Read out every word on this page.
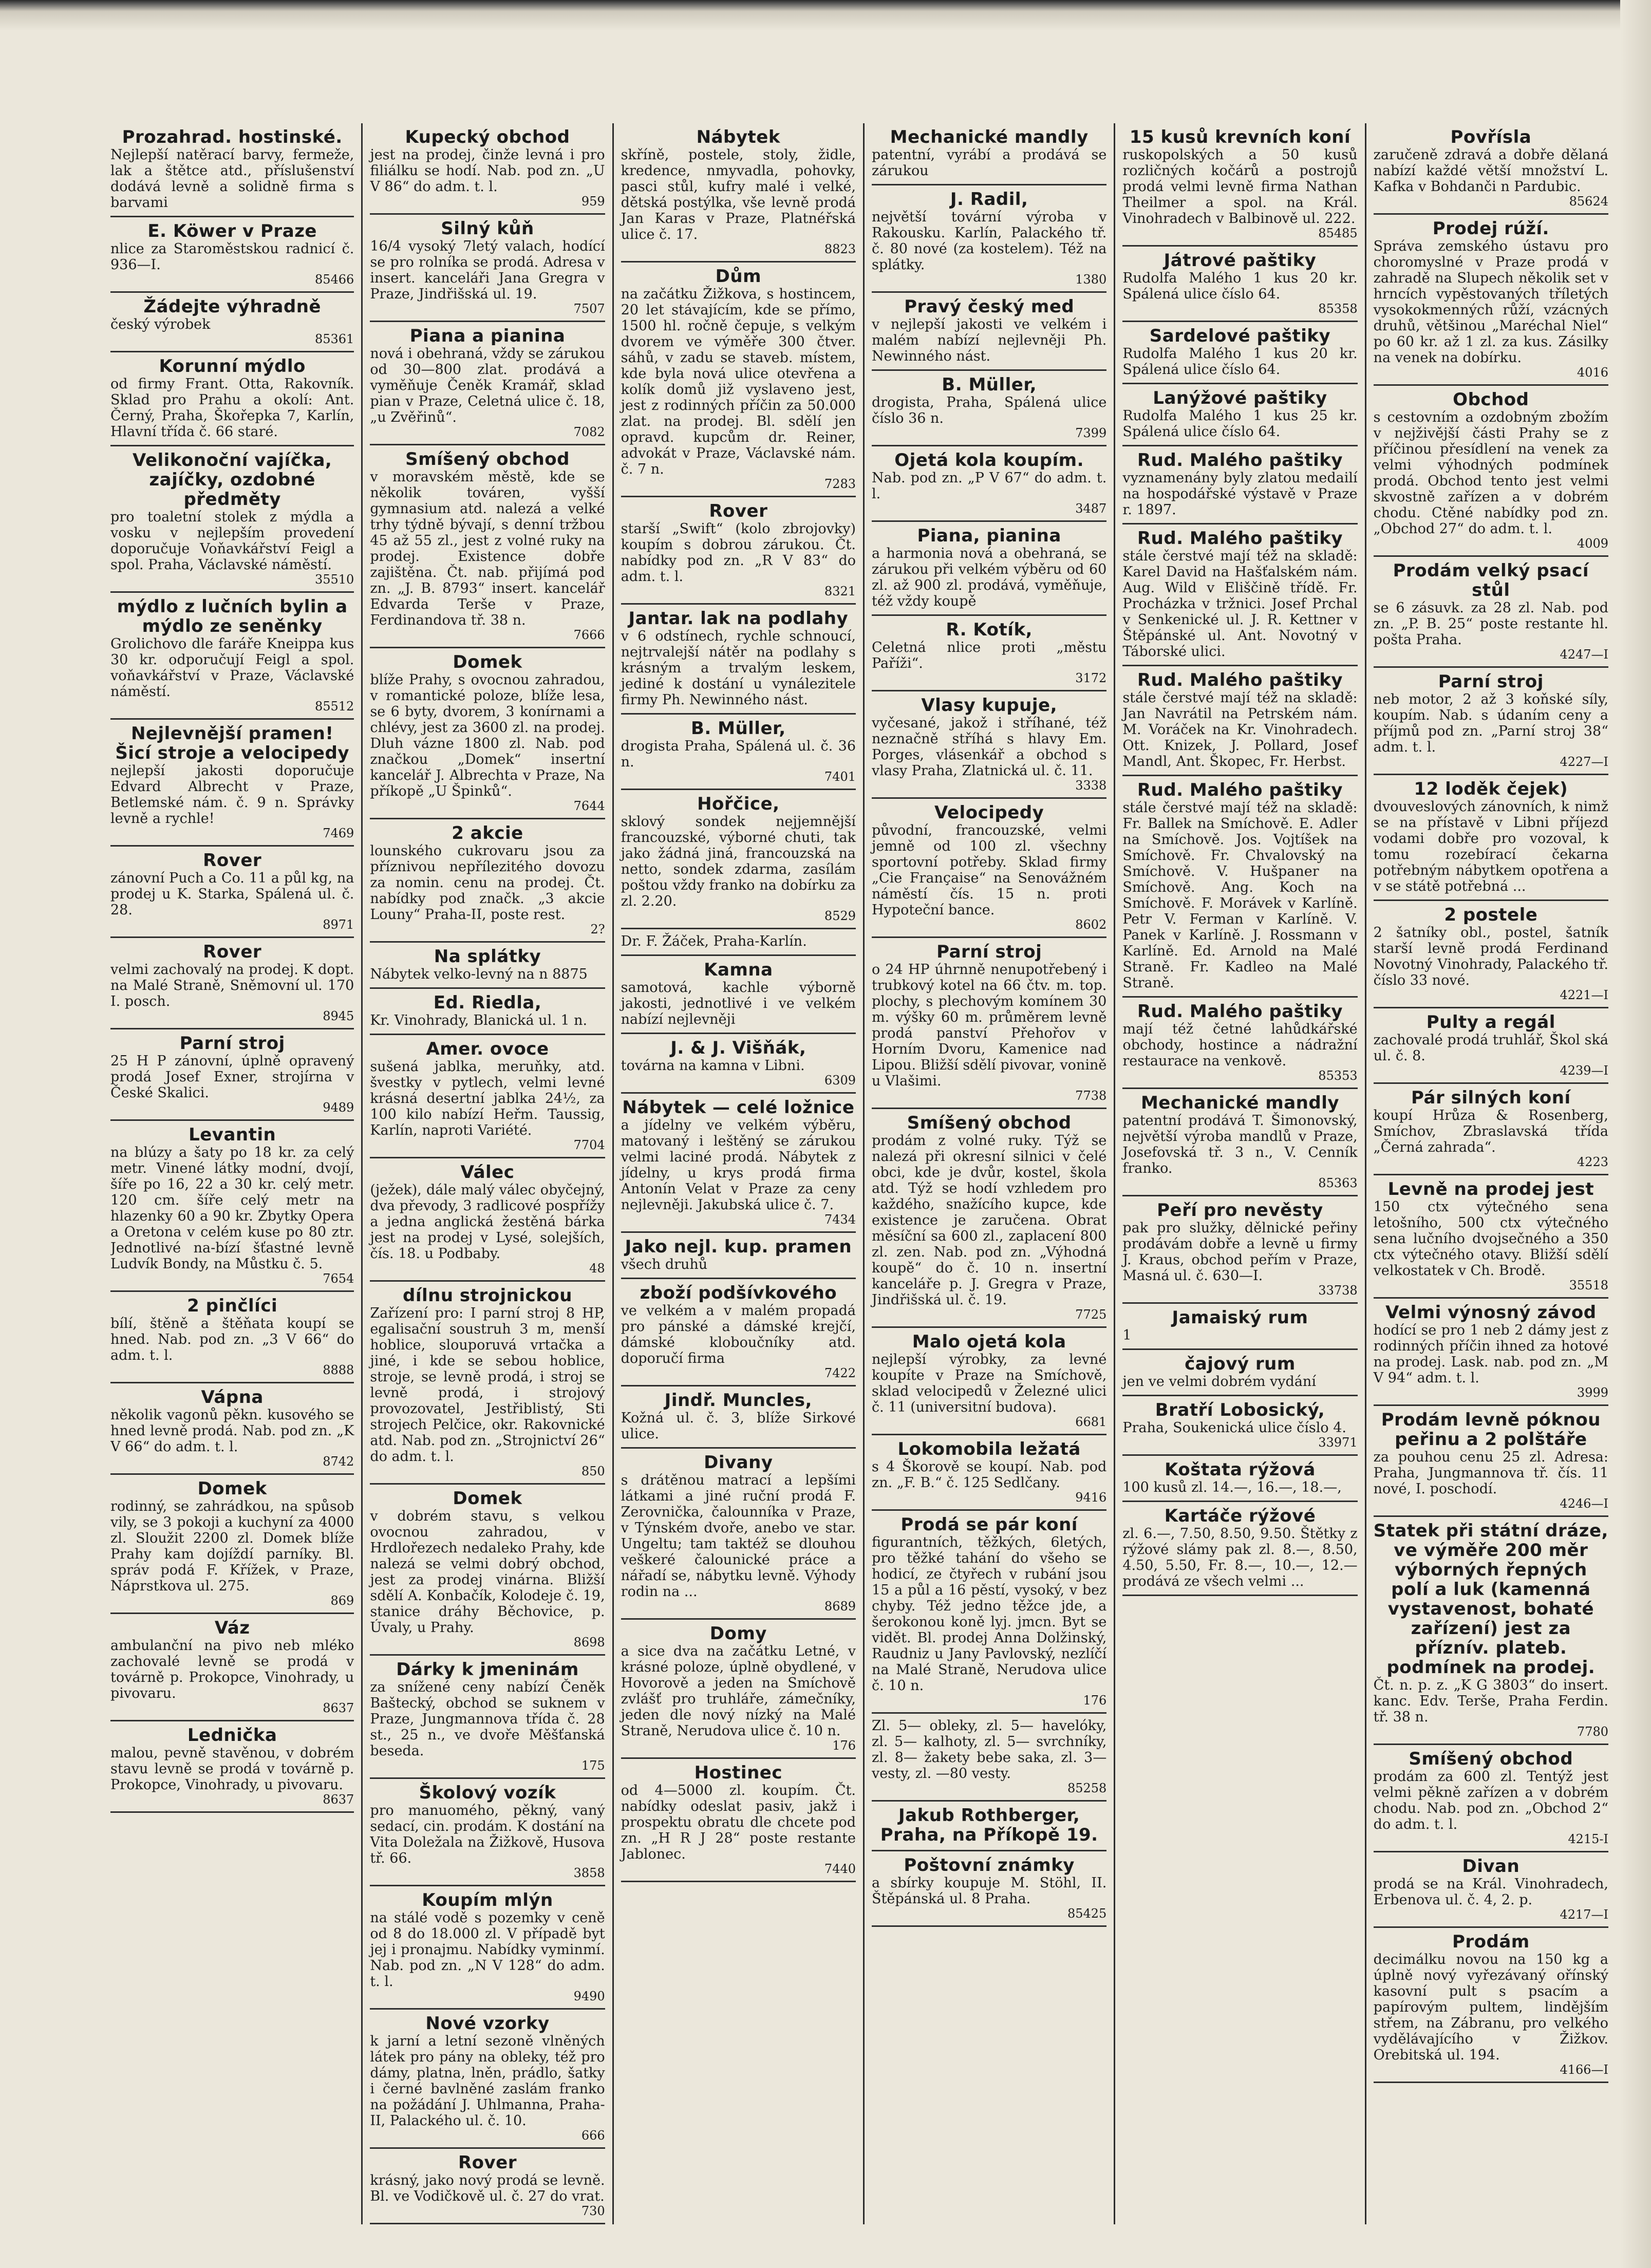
Prozahrad. hostinské.
Nejlepší natěrací barvy, fermeže, lak a štětce atd., příslušenství dodává levně a solidně firma s barvami
E. Köwer v Praze
nlice za Staroměstskou radnicí č. 936—I.
85466
Žádejte výhradně
český výrobek
85361
Korunní mýdlo
od firmy Frant. Otta, Rakovník. Sklad pro Prahu a okolí: Ant. Černý, Praha, Škořepka 7, Karlín, Hlavní třída č. 66 staré.
Velikonoční vajíčka, zajíčky, ozdobné předměty
pro toaletní stolek z mýdla a vosku v nejlepším provedení doporučuje Voňavkářství Feigl a spol. Praha, Václavské náměstí.
35510
mýdlo z lučních bylin a mýdlo ze seněnky
Grolichovo dle faráře Kneippa kus 30 kr. odporučují Feigl a spol. voňavkářství v Praze, Václavské náměstí.
85512
Nejlevnější pramen! Šicí stroje a velocipedy
nejlepší jakosti doporučuje Edvard Albrecht v Praze, Betlemské nám. č. 9 n. Správky levně a rychle!
7469
Rover
zánovní Puch a Co. 11 a půl kg, na prodej u K. Starka, Spálená ul. č. 28.
8971
Rover
velmi zachovalý na prodej. K dopt. na Malé Straně, Sněmovní ul. 170 I. posch.
8945
Parní stroj
25 H P zánovní, úplně opravený prodá Josef Exner, strojírna v České Skalici.
9489
Levantin
na blúzy a šaty po 18 kr. za celý metr. Vinené látky modní, dvojí, šíře po 16, 22 a 30 kr. celý metr. 120 cm. šíře celý metr na hlazenky 60 a 90 kr. Zbytky Opera a Oretona v celém kuse po 80 ztr. Jednotlivé na-bízí šťastné levně Ludvík Bondy, na Můstku č. 5.
7654
2 pinčlíci
bílí, štěně a štěňata koupí se hned. Nab. pod zn. „3 V 66“ do adm. t. l.
8888
Vápna
několik vagonů pěkn. kusového se hned levně prodá. Nab. pod zn. „K V 66“ do adm. t. l.
8742
Domek
rodinný, se zahrádkou, na spůsob vily, se 3 pokoji a kuchyní za 4000 zl. Sloužit 2200 zl. Domek blíže Prahy kam dojíždí parníky. Bl. správ podá F. Křížek, v Praze, Náprstkova ul. 275.
869
Váz
ambulanční na pivo neb mléko zachovalé levně se prodá v továrně p. Prokopce, Vinohrady, u pivovaru.
8637
Lednička
malou, pevně stavěnou, v dobrém stavu levně se prodá v továrně p. Prokopce, Vinohrady, u pivovaru.
8637
Kupecký obchod
jest na prodej, činže levná i pro filiálku se hodí. Nab. pod zn. „U V 86“ do adm. t. l.
959
Silný kůň
16/4 vysoký 7letý valach, hodící se pro rolníka se prodá. Adresa v insert. kanceláři Jana Gregra v Praze, Jindřišská ul. 19.
7507
Piana a pianina
nová i obehraná, vždy se zárukou od 30—800 zlat. prodává a vyměňuje Čeněk Kramář, sklad pian v Praze, Celetná ulice č. 18, „u Zvěřinů“.
7082
Smíšený obchod
v moravském městě, kde se několik továren, vyšší gymnasium atd. nalezá a velké trhy týdně bývají, s denní tržbou 45 až 55 zl., jest z volné ruky na prodej. Existence dobře zajištěna. Čt. nab. přijímá pod zn. „J. B. 8793“ insert. kancelář Edvarda Terše v Praze, Ferdinandova tř. 38 n.
7666
Domek
blíže Prahy, s ovocnou zahradou, v romantické poloze, blíže lesa, se 6 byty, dvorem, 3 konírnami a chlévy, jest za 3600 zl. na prodej. Dluh vázne 1800 zl. Nab. pod značkou „Domek“ insertní kancelář J. Albrechta v Praze, Na příkopě „U Špinků“.
7644
2 akcie
lounského cukrovaru jsou za příznivou nepřílezitého dovozu za nomin. cenu na prodej. Čt. nabídky pod značk. „3 akcie Louny“ Praha-II, poste rest.
2?
Na splátky
Nábytek velko-levný na n 8875
Ed. Riedla,
Kr. Vinohrady, Blanická ul. 1 n.
Amer. ovoce
sušená jablka, meruňky, atd. švestky v pytlech, velmi levné krásná desertní jablka 24½, za 100 kilo nabízí Heřm. Taussig, Karlín, naproti Variété.
7704
Válec
(ježek), dále malý válec obyčejný, dva převody, 3 radlicové pospřížy a jedna anglická žestěná bárka jest na prodej v Lysé, solejších, čís. 18. u Podbaby.
48
dílnu strojnickou
Zařízení pro: I parní stroj 8 HP, egalisační soustruh 3 m, menší hoblice, slouporuvá vrtačka a jiné, i kde se sebou hoblice, stroje, se levně prodá, i stroj se levně prodá, i strojový provozovatel, Jestřiblistý, Sti strojech Pelčice, okr. Rakovnické atd. Nab. pod zn. „Strojnictví 26“ do adm. t. l.
850
Domek
v dobrém stavu, s velkou ovocnou zahradou, v Hrdlořezech nedaleko Prahy, kde nalezá se velmi dobrý obchod, jest za prodej vinárna. Bližší sdělí A. Konbačík, Kolodeje č. 19, stanice dráhy Běchovice, p. Úvaly, u Prahy.
8698
Dárky k jmeninám
za snížené ceny nabízí Čeněk Baštecký, obchod se suknem v Praze, Jungmannova třída č. 28 st., 25 n., ve dvoře Měšťanská beseda.
175
Školový vozík
pro manuomého, pěkný, vaný sedací, cin. prodám. K dostání na Vita Doležala na Žižkově, Husova tř. 66.
3858
Koupím mlýn
na stálé vodě s pozemky v ceně od 8 do 18.000 zl. V případě byt jej i pronajmu. Nabídky vyminmí. Nab. pod zn. „N V 128“ do adm. t. l.
9490
Nové vzorky
k jarní a letní sezoně vlněných látek pro pány na obleky, též pro dámy, platna, lněn, prádlo, šatky i černé bavlněné zaslám franko na požádání J. Uhlmanna, Praha-II, Palackého ul. č. 10.
666
Rover
krásný, jako nový prodá se levně. Bl. ve Vodičkově ul. č. 27 do vrat.
730
Nábytek
skříně, postele, stoly, židle, kredence, nmyvadla, pohovky, pasci stůl, kufry malé i velké, dětská postýlka, vše levně prodá Jan Karas v Praze, Platnéřská ulice č. 17.
8823
Dům
na začátku Žižkova, s hostincem, 20 let stávajícím, kde se přímo, 1500 hl. ročně čepuje, s velkým dvorem ve výměře 300 čtver. sáhů, v zadu se staveb. místem, kde byla nová ulice otevřena a kolík domů již vyslaveno jest, jest z rodinných příčin za 50.000 zlat. na prodej. Bl. sdělí jen opravd. kupcům dr. Reiner, advokát v Praze, Václavské nám. č. 7 n.
7283
Rover
starší „Swift“ (kolo zbrojovky) koupím s dobrou zárukou. Čt. nabídky pod zn. „R V 83“ do adm. t. l.
8321
Jantar. lak na podlahy
v 6 odstínech, rychle schnoucí, nejtrvalejší nátěr na podlahy s krásným a trvalým leskem, jediné k dostání u vynálezitele firmy Ph. Newinného nást.
B. Müller,
drogista Praha, Spálená ul. č. 36 n.
7401
Hořčice,
sklový sondek nejjemnější francouzské, výborné chuti, tak jako žádná jiná, francouzská na netto, sondek zdarma, zasílám poštou vždy franko na dobírku za zl. 2.20.
8529
Dr. F. Žáček, Praha-Karlín.
Kamna
samotová, kachle výborně jakosti, jednotlivé i ve velkém nabízí nejlevněji
J. & J. Višňák,
továrna na kamna v Libni.
6309
Nábytek — celé ložnice
a jídelny ve velkém výběru, matovaný i leštěný se zárukou velmi laciné prodá. Nábytek z jídelny, u krys prodá firma Antonín Velat v Praze za ceny nejlevněji. Jakubská ulice č. 7.
7434
Jako nejl. kup. pramen
všech druhů
zboží podšívkového
ve velkém a v malém propadá pro pánské a dámské krejčí, dámské kloboučníky atd. doporučí firma
7422
Jindř. Muncles,
Kožná ul. č. 3, blíže Sirkové ulice.
Divany
s drátěnou matrací a lepšími látkami a jiné ruční prodá F. Zerovnička, čalounníka v Praze, v Týnském dvoře, anebo ve star. Ungeltu; tam taktéž se dlouhou veškeré čalounické práce a nářadí se, nábytku levně. Výhody rodin na ...
8689
Domy
a sice dva na začátku Letné, v krásné poloze, úplně obydlené, v Hovorově a jeden na Smíchově zvlášť pro truhláře, zámečníky, jeden dle nový nízký na Malé Straně, Nerudova ulice č. 10 n.
176
Hostinec
od 4—5000 zl. koupím. Čt. nabídky odeslat pasiv, jakž i prospektu obratu dle chcete pod zn. „H R J 28“ poste restante Jablonec.
7440
Mechanické mandly
patentní, vyrábí a prodává se zárukou
J. Radil,
největší tovární výroba v Rakousku. Karlín, Palackého tř. č. 80 nové (za kostelem). Též na splátky.
1380
Pravý český med
v nejlepší jakosti ve velkém i malém nabízí nejlevněji Ph. Newinného nást.
B. Müller,
drogista, Praha, Spálená ulice číslo 36 n.
7399
Ojetá kola koupím.
Nab. pod zn. „P V 67“ do adm. t. l.
3487
Piana, pianina
a harmonia nová a obehraná, se zárukou při velkém výběru od 60 zl. až 900 zl. prodává, vyměňuje, též vždy koupě
R. Kotík,
Celetná nlice proti „městu Paříži“.
3172
Vlasy kupuje,
vyčesané, jakož i stříhané, též neznačně stříhá s hlavy Em. Porges, vlásenkář a obchod s vlasy Praha, Zlatnická ul. č. 11.
3338
Velocipedy
původní, francouzské, velmi jemně od 100 zl. všechny sportovní potřeby. Sklad firmy „Cie Française“ na Senovážném náměstí čís. 15 n. proti Hypoteční bance.
8602
Parní stroj
o 24 HP úhrnně nenupotřebený i trubkový kotel na 66 čtv. m. top. plochy, s plechovým komínem 30 m. výšky 60 m. průměrem levně prodá panství Přehořov v Horním Dvoru, Kamenice nad Lipou. Bližší sdělí pivovar, vonině u Vlašimi.
7738
Smíšený obchod
prodám z volné ruky. Týž se nalezá při okresní silnici v čelé obci, kde je dvůr, kostel, škola atd. Týž se hodí vzhledem pro každého, snažícího kupce, kde existence je zaručena. Obrat měsíční sa 600 zl., zaplacení 800 zl. zen. Nab. pod zn. „Výhodná koupě“ do č. 10 n. insertní kanceláře p. J. Gregra v Praze, Jindřišská ul. č. 19.
7725
Malo ojetá kola
nejlepší výrobky, za levné koupíte v Praze na Smíchově, sklad velocipedů v Železné ulici č. 11 (universitní budova).
6681
Lokomobila ležatá
s 4 Škorově se koupí. Nab. pod zn. „F. B.“ č. 125 Sedlčany.
9416
Prodá se pár koní
figurantních, těžkých, 6letých, pro těžké tahání do všeho se hodicí, ze čtyřech v rubání jsou 15 a půl a 16 pěstí, vysoký, v bez chyby. Též jedno těžce jde, a šerokonou koně lyj. jmcn. Byt se vidět. Bl. prodej Anna Dolžinský, Raudniz u Jany Pavlovský, nezlíčí na Malé Straně, Nerudova ulice č. 10 n.
176
Zl. 5— obleky, zl. 5— havelóky, zl. 5— kalhoty, zl. 5— svrchníky, zl. 8— žakety bebe saka, zl. 3— vesty, zl. —80 vesty.
85258
Jakub Rothberger, Praha, na Příkopě 19.
Poštovní známky
a sbírky koupuje M. Stöhl, II. Štěpánská ul. 8 Praha.
85425
15 kusů krevních koní
ruskopolských a 50 kusů rozličných kočárů a postrojů prodá velmi levně firma Nathan Theilmer a spol. na Král. Vinohradech v Balbinově ul. 222.
85485
Játrové paštiky
Rudolfa Malého 1 kus 20 kr. Spálená ulice číslo 64.
85358
Sardelové paštiky
Rudolfa Malého 1 kus 20 kr. Spálená ulice číslo 64.
Lanýžové paštiky
Rudolfa Malého 1 kus 25 kr. Spálená ulice číslo 64.
Rud. Malého paštiky
vyznamenány byly zlatou medailí na hospodářské výstavě v Praze r. 1897.
Rud. Malého paštiky
stále čerstvé mají též na skladě: Karel David na Hašťalském nám. Aug. Wild v Eliščině třídě. Fr. Procházka v tržnici. Josef Prchal v Senkenické ul. J. R. Kettner v Štěpánské ul. Ant. Novotný v Táborské ulici.
Rud. Malého paštiky
stále čerstvé mají též na skladě: Jan Navrátil na Petrském nám. M. Voráček na Kr. Vinohradech. Ott. Knizek, J. Pollard, Josef Mandl, Ant. Škopec, Fr. Herbst.
Rud. Malého paštiky
stále čerstvé mají též na skladě: Fr. Ballek na Smíchově. E. Adler na Smíchově. Jos. Vojtíšek na Smíchově. Fr. Chvalovský na Smíchově. V. Hušpaner na Smíchově. Ang. Koch na Smíchově. F. Morávek v Karlíně. Petr V. Ferman v Karlíně. V. Panek v Karlíně. J. Rossmann v Karlíně. Ed. Arnold na Malé Straně. Fr. Kadleo na Malé Straně.
Rud. Malého paštiky
mají též četné lahůdkářské obchody, hostince a nádražní restaurace na venkově.
85353
Mechanické mandly
patentní prodává T. Šimonovský, největší výroba mandlů v Praze, Josefovská tř. 3 n., V. Cenník franko.
85363
Peří pro nevěsty
pak pro služky, dělnické peřiny prodávám dobře a levně u firmy J. Kraus, obchod peřím v Praze, Masná ul. č. 630—I.
33738
Jamaiský rum
1
čajový rum
jen ve velmi dobrém vydání
Bratří Lobosický,
Praha, Soukenická ulice číslo 4.
33971
Koštata rýžová
100 kusů zl. 14.—, 16.—, 18.—,
Kartáče rýžové
zl. 6.—, 7.50, 8.50, 9.50. Štětky z rýžové slámy pak zl. 8.—, 8.50, 4.50, 5.50, Fr. 8.—, 10.—, 12.— prodává ze všech velmi ...
Povřísla
zaručeně zdravá a dobře dělaná nabízí každé větší množství L. Kafka v Bohdanči n Pardubic.
85624
Prodej rúží.
Správa zemského ústavu pro choromyslné v Praze prodá v zahradě na Slupech několik set v hrncích vypěstovaných tříletých vysokokmenných růží, vzácných druhů, většinou „Maréchal Niel“ po 60 kr. až 1 zl. za kus. Zásilky na venek na dobírku.
4016
Obchod
s cestovním a ozdobným zbožím v nejživější části Prahy se z příčinou přesídlení na venek za velmi výhodných podmínek prodá. Obchod tento jest velmi skvostně zařízen a v dobrém chodu. Ctěné nabídky pod zn. „Obchod 27“ do adm. t. l.
4009
Prodám velký psací stůl
se 6 zásuvk. za 28 zl. Nab. pod zn. „P. B. 25“ poste restante hl. pošta Praha.
4247—I
Parní stroj
neb motor, 2 až 3 koňské síly, koupím. Nab. s údaním ceny a příjmů pod zn. „Parní stroj 38“ adm. t. l.
4227—I
12 loděk čejek)
dvouveslových zánovních, k nimž se na přístavě v Libni příjezd vodami dobře pro vozoval, k tomu rozebírací čekarna potřebným nábytkem opotřena a v se státě potřebná ...
2 postele
2 šatníky obl., postel, šatník starší levně prodá Ferdinand Novotný Vinohrady, Palackého tř. číslo 33 nové.
4221—I
Pulty a regál
zachovalé prodá truhlář, Škol ská ul. č. 8.
4239—I
Pár silných koní
koupí Hrůza & Rosenberg, Smíchov, Zbraslavská třída „Černá zahrada“.
4223
Levně na prodej jest
150 ctx výtečného sena letošního, 500 ctx výtečného sena lučního dvojsečného a 350 ctx výtečného otavy. Bližší sdělí velkostatek v Ch. Brodě.
35518
Velmi výnosný závod
hodící se pro 1 neb 2 dámy jest z rodinných příčin ihned za hotové na prodej. Lask. nab. pod zn. „M V 94“ adm. t. l.
3999
Prodám levně póknou peřinu a 2 polštáře
za pouhou cenu 25 zl. Adresa: Praha, Jungmannova tř. čís. 11 nové, I. poschodí.
4246—I
Statek při státní dráze, ve výměře 200 měr výborných řepných polí a luk (kamenná vystavenost, bohaté zařízení) jest za příznív. plateb. podmínek na prodej.
Čt. n. p. z. „K G 3803“ do insert. kanc. Edv. Terše, Praha Ferdin. tř. 38 n.
7780
Smíšený obchod
prodám za 600 zl. Tentýž jest velmi pěkně zařízen a v dobrém chodu. Nab. pod zn. „Obchod 2“ do adm. t. l.
4215-I
Divan
prodá se na Král. Vinohradech, Erbenova ul. č. 4, 2. p.
4217—I
Prodám
decimálku novou na 150 kg a úplně nový vyřezávaný ořínský kasovní pult s psacím a papírovým pultem, lindějším střem, na Zábranu, pro velkého vydělávajícího v Žižkov. Orebitská ul. 194.
4166—I
